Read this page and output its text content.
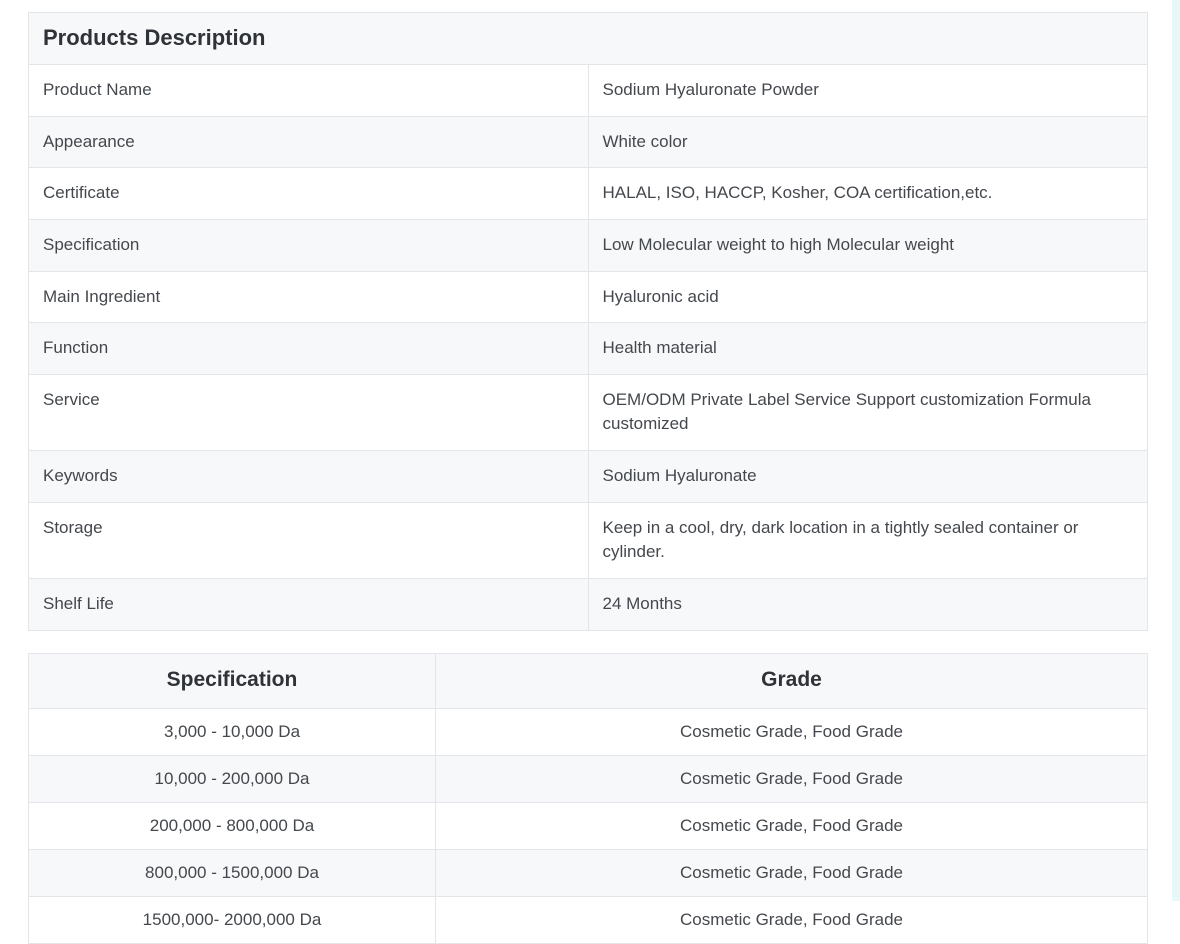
Products Description	
Product Name	Sodium Hyaluronate Powder
Appearance	White color
Certificate	HALAL, ISO, HACCP, Kosher, COA certification,etc.
Specification	Low Molecular weight to high Molecular weight
Main Ingredient	Hyaluronic acid
Function	Health material
Service	OEM/ODM Private Label Service Support customization Formula customized
Keywords	Sodium Hyaluronate
Storage	Keep in a cool, dry, dark location in a tightly sealed container or cylinder.
Shelf Life	24 Months
Specification	Grade
3,000 - 10,000 Da	Cosmetic Grade, Food Grade
10,000 - 200,000 Da	Cosmetic Grade, Food Grade
200,000 - 800,000 Da	Cosmetic Grade, Food Grade
800,000 - 1500,000 Da	Cosmetic Grade, Food Grade
1500,000- 2000,000 Da	Cosmetic Grade, Food Grade
